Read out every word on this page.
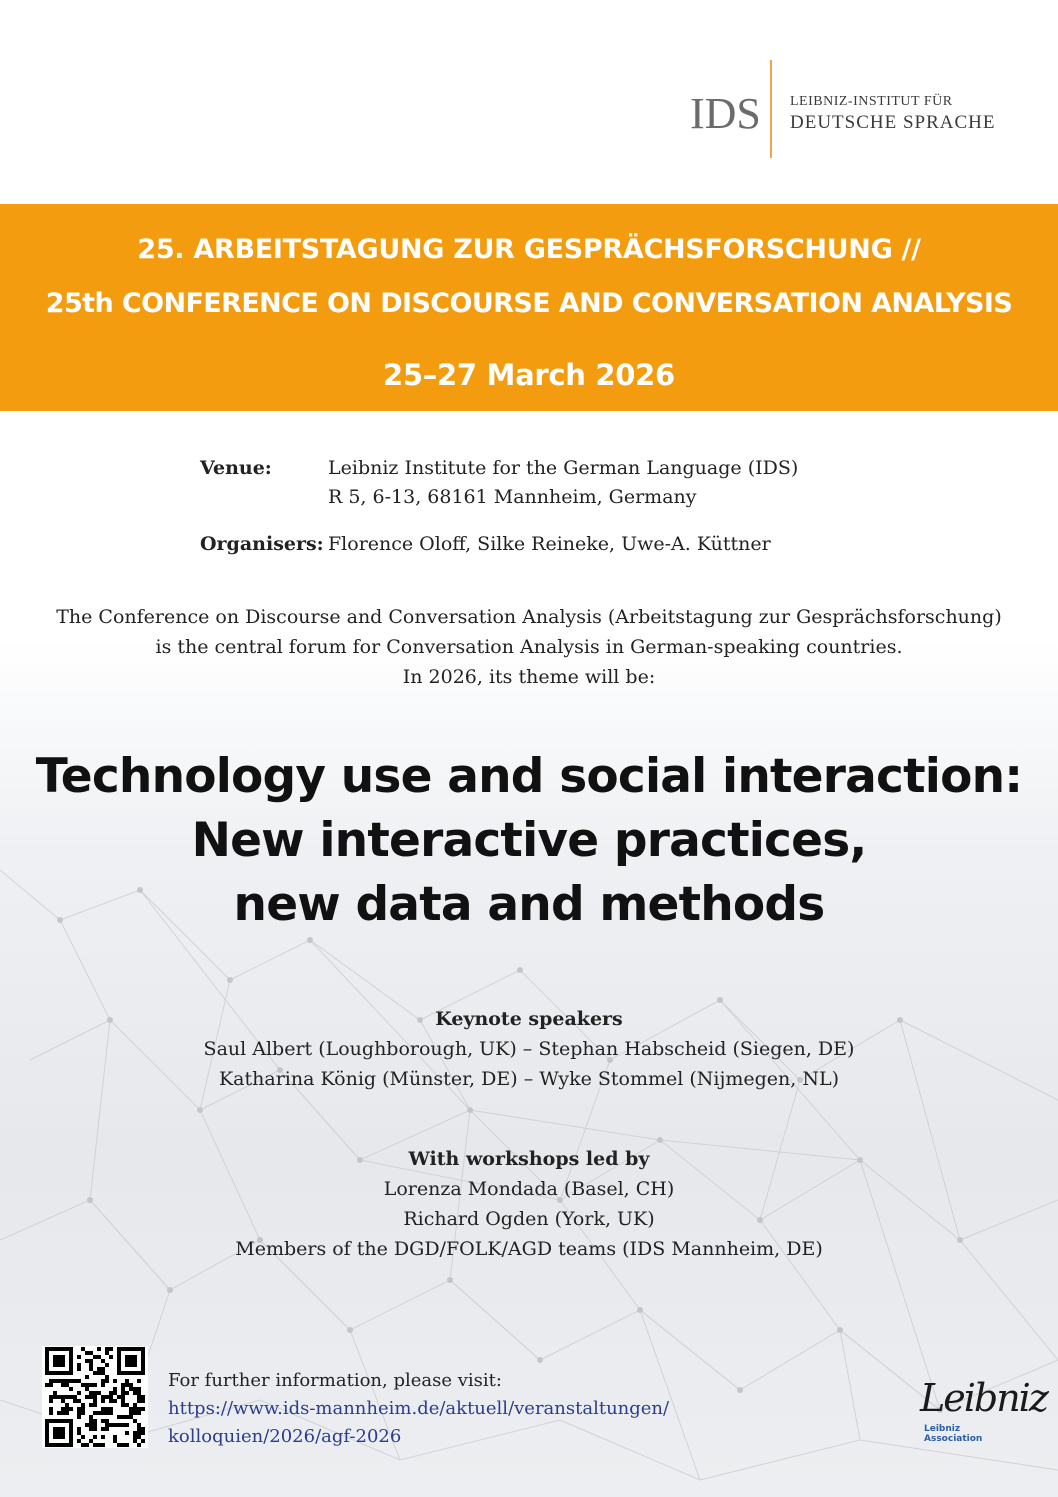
IDS LEIBNIZ-INSTITUT FÜR
DEUTSCHE SPRACHE
25. ARBEITSTAGUNG ZUR GESPRÄCHSFORSCHUNG //
25th CONFERENCE ON DISCOURSE AND CONVERSATION ANALYSIS
25–27 March 2026
Venue:	Leibniz Institute for the German Language (IDS)
R 5, 6-13, 68161 Mannheim, Germany
Organisers: Florence Oloff, Silke Reineke, Uwe-A. Küttner
The Conference on Discourse and Conversation Analysis (Arbeitstagung zur Gesprächsforschung)
is the central forum for Conversation Analysis in German-speaking countries.
In 2026, its theme will be:
Technology use and social interaction:
New interactive practices,
new data and methods
Keynote speakers
Saul Albert (Loughborough, UK) – Stephan Habscheid (Siegen, DE)
Katharina König (Münster, DE) – Wyke Stommel (Nijmegen, NL)
With workshops led by
Lorenza Mondada (Basel, CH)
Richard Ogden (York, UK)
Members of the DGD/FOLK/AGD teams (IDS Mannheim, DE)
For further information, please visit:
https://www.ids-mannheim.de/aktuell/veranstaltungen/
kolloquien/2026/agf-2026
Leibniz
Leibniz
Association
